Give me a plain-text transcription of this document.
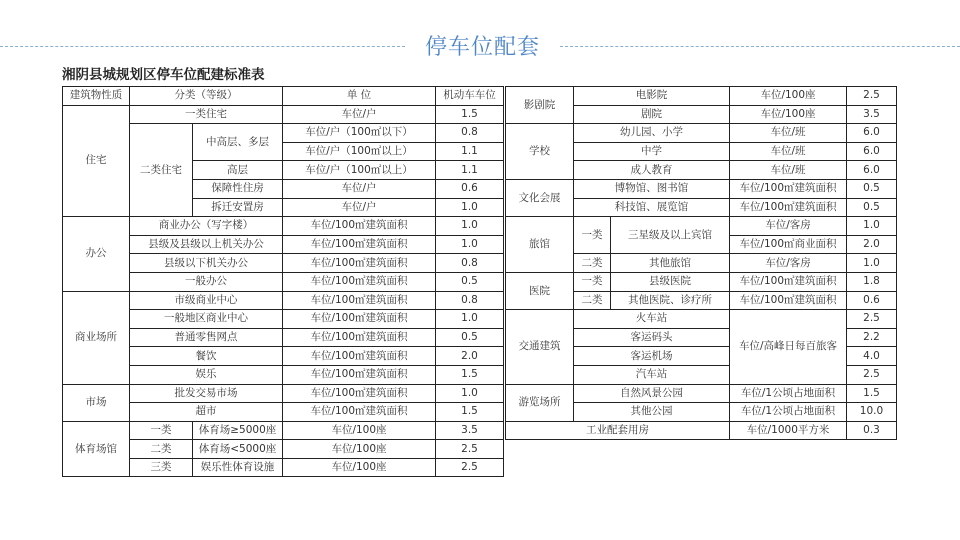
停车位配套
湘阴县城规划区停车位配建标准表
建筑物性质	分类（等级）		单 位	机动车车位
住宅	一类住宅		车位/户	1.5
	二类住宅	中高层、多层	车位/户（100㎡以下）	0.8
			车位/户（100㎡以上）	1.1
		高层	车位/户（100㎡以上）	1.1
		保障性住房	车位/户	0.6
		拆迁安置房	车位/户	1.0
办公	商业办公（写字楼）		车位/100㎡建筑面积	1.0
	县级及县级以上机关办公		车位/100㎡建筑面积	1.0
	县级以下机关办公		车位/100㎡建筑面积	0.8
	一般办公		车位/100㎡建筑面积	0.5
商业场所	市级商业中心		车位/100㎡建筑面积	0.8
	一般地区商业中心		车位/100㎡建筑面积	1.0
	普通零售网点		车位/100㎡建筑面积	0.5
	餐饮		车位/100㎡建筑面积	2.0
	娱乐		车位/100㎡建筑面积	1.5
市场	批发交易市场		车位/100㎡建筑面积	1.0
	超市		车位/100㎡建筑面积	1.5
体育场馆	一类	体育场≥5000座	车位/100座	3.5
	二类	体育场<5000座	车位/100座	2.5
	三类	娱乐性体育设施	车位/100座	2.5
影剧院	电影院		车位/100座	2.5
	剧院		车位/100座	3.5
学校	幼儿园、小学		车位/班	6.0
	中学		车位/班	6.0
	成人教育		车位/班	6.0
文化会展	博物馆、图书馆		车位/100㎡建筑面积	0.5
	科技馆、展览馆		车位/100㎡建筑面积	0.5
旅馆	一类	三星级及以上宾馆	车位/客房	1.0
			车位/100㎡商业面积	2.0
	二类	其他旅馆	车位/客房	1.0
医院	一类	县级医院	车位/100㎡建筑面积	1.8
	二类	其他医院、诊疗所	车位/100㎡建筑面积	0.6

交通建筑	火车站		车位/高峰日每百旅客	2.5
	客运码头			2.2
	客运机场			4.0
	汽车站			2.5
游览场所	自然风景公园		车位/1公顷占地面积	1.5
	其他公园		车位/1公顷占地面积	10.0
工业配套用房			车位/1000平方米	0.3
